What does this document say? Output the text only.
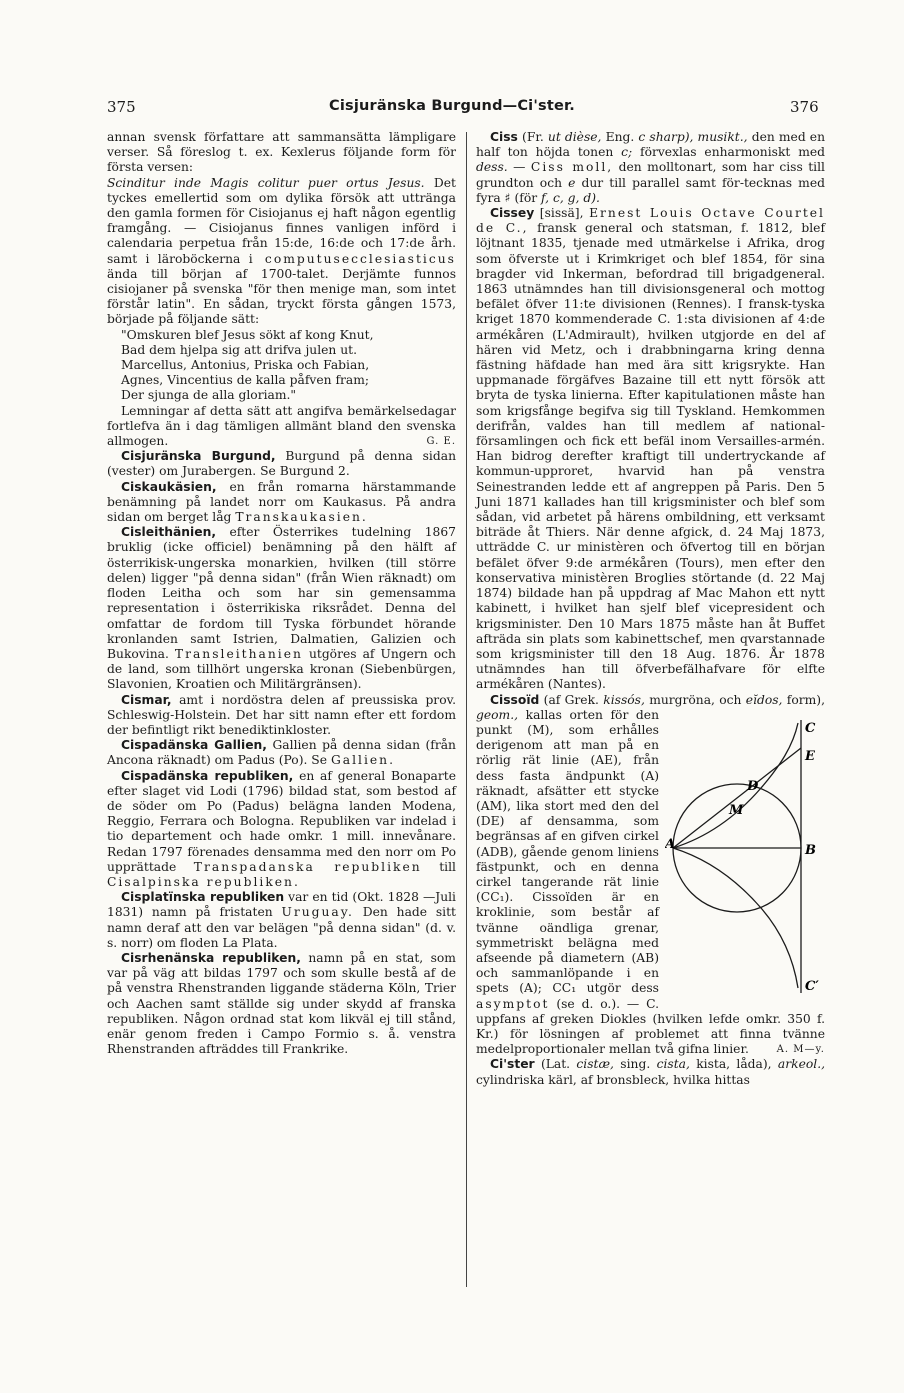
375	Cisjuränska Burgund—Ci'ster.	376

annan svensk författare att sammansätta lämpligare verser. Så föreslog t. ex. Kexlerus följande form för första versen:
Scinditur inde Magis colitur puer ortus Jesus. Det tyckes emellertid som om dylika försök att uttränga den gamla formen för Cisiojanus ej haft någon egentlig framgång. — Cisiojanus finnes vanligen införd i calendaria perpetua från 15:de, 16:de och 17:de årh. samt i läroböckerna i computusecclesiasticus ända till början af 1700-talet. Derjämte funnos cisiojaner på svenska "för then menige man, som intet förstår latin". En sådan, tryckt första gången 1573, började på följande sätt:

"Omskuren blef Jesus sökt af kong Knut,
Bad dem hjelpa sig att drifva julen ut.
Marcellus, Antonius, Priska och Fabian,
Agnes, Vincentius de kalla påfven fram;
Der sjunga de alla gloriam."

Lemningar af detta sätt att angifva bemärkelsedagar fortlefva än i dag tämligen allmänt bland den svenska allmogen.	G. E.

Cisjuränska Burgund, Burgund på denna sidan (vester) om Jurabergen. Se Burgund 2.

Ciskaukäsien, en från romarna härstammande benämning på landet norr om Kaukasus. På andra sidan om berget låg Transkaukasien.

Cisleithänien, efter Österrikes tudelning 1867 bruklig (icke officiel) benämning på den hälft af österrikisk-ungerska monarkien, hvilken (till större delen) ligger "på denna sidan" (från Wien räknadt) om floden Leitha och som har sin gemensamma representation i österrikiska riksrådet. Denna del omfattar de fordom till Tyska förbundet hörande kronlanden samt Istrien, Dalmatien, Galizien och Bukovina. Transleithanien utgöres af Ungern och de land, som tillhört ungerska kronan (Siebenbürgen, Slavonien, Kroatien och Militärgränsen).

Cismar, amt i nordöstra delen af preussiska prov. Schleswig-Holstein. Det har sitt namn efter ett fordom der befintligt rikt benediktinkloster.

Cispadänska Gallien, Gallien på denna sidan (från Ancona räknadt) om Padus (Po). Se Gallien.

Cispadänska republiken, en af general Bonaparte efter slaget vid Lodi (1796) bildad stat, som bestod af de söder om Po (Padus) belägna landen Modena, Reggio, Ferrara och Bologna. Republiken var indelad i tio departement och hade omkr. 1 mill. innevånare. Redan 1797 förenades densamma med den norr om Po upprättade Transpadanska republiken till Cisalpinska republiken.

Cisplatïnska republiken var en tid (Okt. 1828 —Juli 1831) namn på fristaten Uruguay. Den hade sitt namn deraf att den var belägen "på denna sidan" (d. v. s. norr) om floden La Plata.

Cisrhenänska republiken, namn på en stat, som var på väg att bildas 1797 och som skulle bestå af de på venstra Rhenstranden liggande städerna Köln, Trier och Aachen samt ställde sig under skydd af franska republiken. Någon ordnad stat kom likväl ej till stånd, enär genom freden i Campo Formio s. å. venstra Rhenstranden afträddes till Frankrike.

Ciss (Fr. ut dièse, Eng. c sharp), musikt., den med en half ton höjda tonen c; förvexlas enharmoniskt med dess. — Ciss moll, den molltonart, som har ciss till grundton och e dur till parallel samt för-tecknas med fyra ♯ (för f, c, g, d).

Cissey [sissä], Ernest Louis Octave Courtel de C., fransk general och statsman, f. 1812, blef löjtnant 1835, tjenade med utmärkelse i Afrika, drog som öfverste ut i Krimkriget och blef 1854, för sina bragder vid Inkerman, befordrad till brigadgeneral. 1863 utnämndes han till divisionsgeneral och mottog befälet öfver 11:te divisionen (Rennes). I fransk-tyska kriget 1870 kommenderade C. 1:sta divisionen af 4:de armékåren (L'Admirault), hvilken utgjorde en del af hären vid Metz, och i drabbningarna kring denna fästning häfdade han med ära sitt krigsrykte. Han uppmanade förgäfves Bazaine till ett nytt försök att bryta de tyska linierna. Efter kapitulationen måste han som krigsfånge begifva sig till Tyskland. Hemkommen derifrån, valdes han till medlem af national-församlingen och fick ett befäl inom Versailles-armén. Han bidrog derefter kraftigt till undertryckande af kommun-upproret, hvarvid han på venstra Seinestranden ledde ett af angreppen på Paris. Den 5 Juni 1871 kallades han till krigsminister och blef som sådan, vid arbetet på härens ombildning, ett verksamt biträde åt Thiers. När denne afgick, d. 24 Maj 1873, utträdde C. ur ministèren och öfvertog till en början befälet öfver 9:de armékåren (Tours), men efter den konservativa ministèren Broglies störtande (d. 22 Maj 1874) bildade han på uppdrag af Mac Mahon ett nytt kabinett, i hvilket han sjelf blef vicepresident och krigsminister. Den 10 Mars 1875 måste han åt Buffet afträda sin plats som kabinettschef, men qvarstannade som krigsminister till den 18 Aug. 1876. År 1878 utnämndes han till öfverbefälhafvare för elfte armékåren (Nantes).

Cissoïd (af Grek. kissós, murgröna, och eĭdos, form), geom.,
C
E
D
M
A	B
C′
kallas orten för den punkt (M), som erhålles derigenom att man på en rörlig rät linie (AE), från dess fasta ändpunkt (A) räknadt, afsätter ett stycke (AM), lika stort med den del (DE) af densamma, som begränsas af en gifven cirkel (ADB), gående genom liniens fästpunkt, och en denna cirkel tangerande rät linie (CC₁). Cissoïden är en kroklinie, som består af tvänne oändliga grenar, symmetriskt belägna med afseende på diametern (AB) och sammanlöpande i en spets (A); CC₁ utgör dess asymptot (se d. o.). — C. uppfans af greken Diokles (hvilken lefde omkr. 350 f. Kr.) för lösningen af problemet att finna tvänne medelproportionaler mellan två gifna linier.	A. M—y.

Ci'ster (Lat. cistæ, sing. cista, kista, låda), arkeol., cylindriska kärl, af bronsbleck, hvilka hittas
